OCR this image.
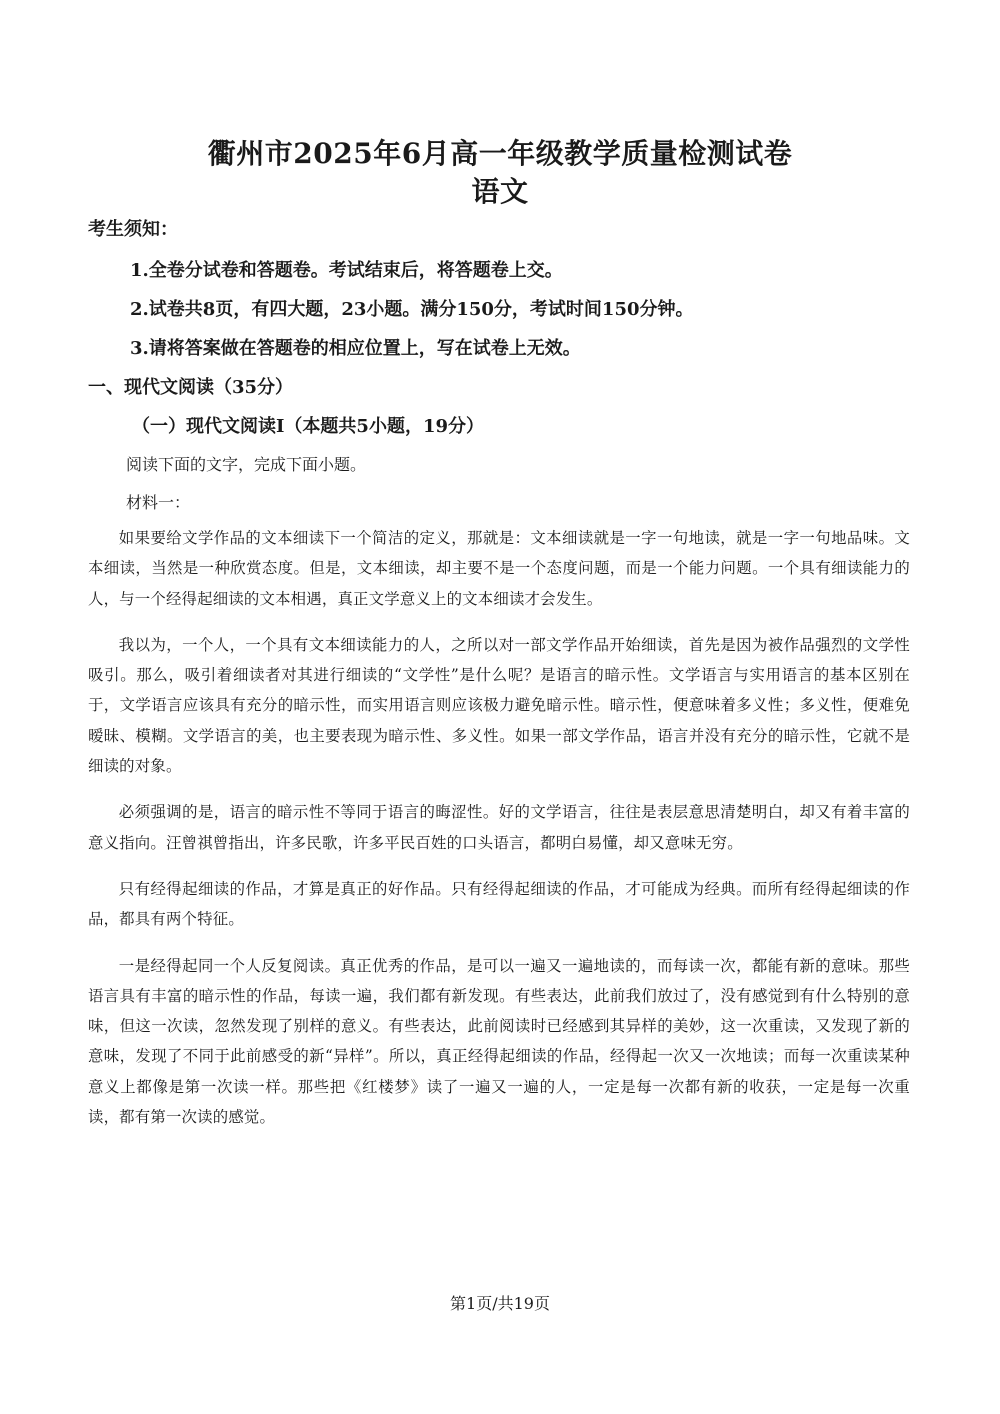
衢州市2025年6月高一年级教学质量检测试卷
语文
考生须知：
1.全卷分试卷和答题卷。考试结束后，将答题卷上交。
2.试卷共8页，有四大题，23小题。满分150分，考试时间150分钟。
3.请将答案做在答题卷的相应位置上，写在试卷上无效。
一、现代文阅读（35分）
（一）现代文阅读Ⅰ（本题共5小题，19分）
阅读下面的文字，完成下面小题。
材料一：

如果要给文学作品的文本细读下一个简洁的定义，那就是：文本细读就是一字一句地读，就是一字一句地品味。文本细读，当然是一种欣赏态度。但是，文本细读，却主要不是一个态度问题，而是一个能力问题。一个具有细读能力的人，与一个经得起细读的文本相遇，真正文学意义上的文本细读才会发生。

我以为，一个人，一个具有文本细读能力的人，之所以对一部文学作品开始细读，首先是因为被作品强烈的文学性吸引。那么，吸引着细读者对其进行细读的“文学性”是什么呢？是语言的暗示性。文学语言与实用语言的基本区别在于，文学语言应该具有充分的暗示性，而实用语言则应该极力避免暗示性。暗示性，便意味着多义性；多义性，便难免暧昧、模糊。文学语言的美，也主要表现为暗示性、多义性。如果一部文学作品，语言并没有充分的暗示性，它就不是细读的对象。

必须强调的是，语言的暗示性不等同于语言的晦涩性。好的文学语言，往往是表层意思清楚明白，却又有着丰富的意义指向。汪曾祺曾指出，许多民歌，许多平民百姓的口头语言，都明白易懂，却又意味无穷。

只有经得起细读的作品，才算是真正的好作品。只有经得起细读的作品，才可能成为经典。而所有经得起细读的作品，都具有两个特征。

一是经得起同一个人反复阅读。真正优秀的作品，是可以一遍又一遍地读的，而每读一次，都能有新的意味。那些语言具有丰富的暗示性的作品，每读一遍，我们都有新发现。有些表达，此前我们放过了，没有感觉到有什么特别的意味，但这一次读，忽然发现了别样的意义。有些表达，此前阅读时已经感到其异样的美妙，这一次重读，又发现了新的意味，发现了不同于此前感受的新“异样”。所以，真正经得起细读的作品，经得起一次又一次地读；而每一次重读某种意义上都像是第一次读一样。那些把《红楼梦》读了一遍又一遍的人，一定是每一次都有新的收获，一定是每一次重读，都有第一次读的感觉。

第1页/共19页
